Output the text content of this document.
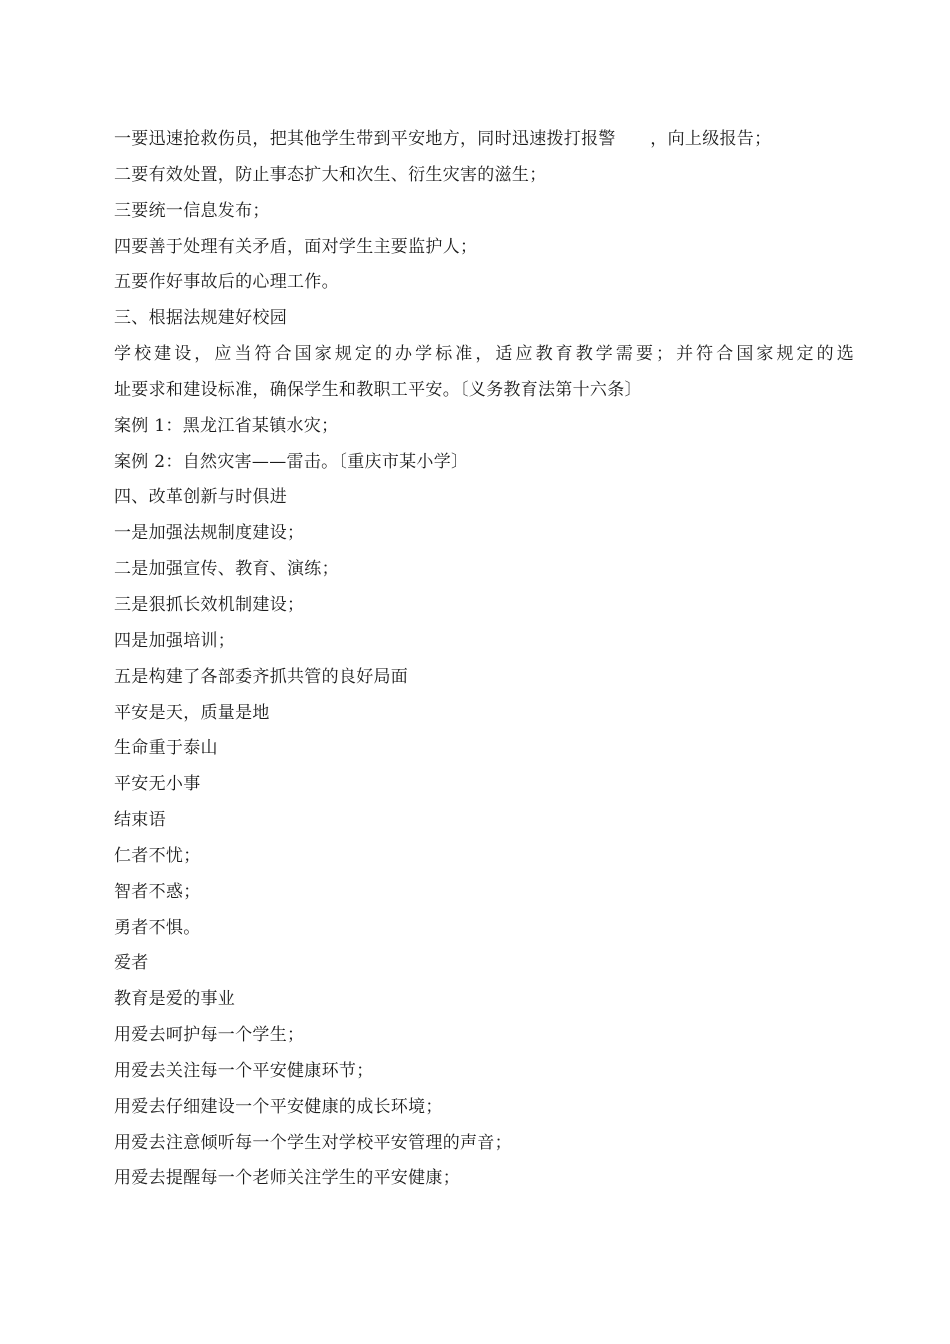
一要迅速抢救伤员，把其他学生带到平安地方，同时迅速拨打报警　　，向上级报告；
二要有效处置，防止事态扩大和次生、衍生灾害的滋生；
三要统一信息发布；
四要善于处理有关矛盾，面对学生主要监护人；
五要作好事故后的心理工作。
三、根据法规建好校园
学校建设，应当符合国家规定的办学标准，适应教育教学需要；并符合国家规定的选
址要求和建设标准，确保学生和教职工平安。〔义务教育法第十六条〕
案例 1：黑龙江省某镇水灾；
案例 2：自然灾害——雷击。〔重庆市某小学〕
四、改革创新与时俱进
一是加强法规制度建设；
二是加强宣传、教育、演练；
三是狠抓长效机制建设；
四是加强培训；
五是构建了各部委齐抓共管的良好局面
平安是天，质量是地
生命重于泰山
平安无小事
结束语
仁者不忧；
智者不惑；
勇者不惧。
爱者
教育是爱的事业
用爱去呵护每一个学生；
用爱去关注每一个平安健康环节；
用爱去仔细建设一个平安健康的成长环境；
用爱去注意倾听每一个学生对学校平安管理的声音；
用爱去提醒每一个老师关注学生的平安健康；
